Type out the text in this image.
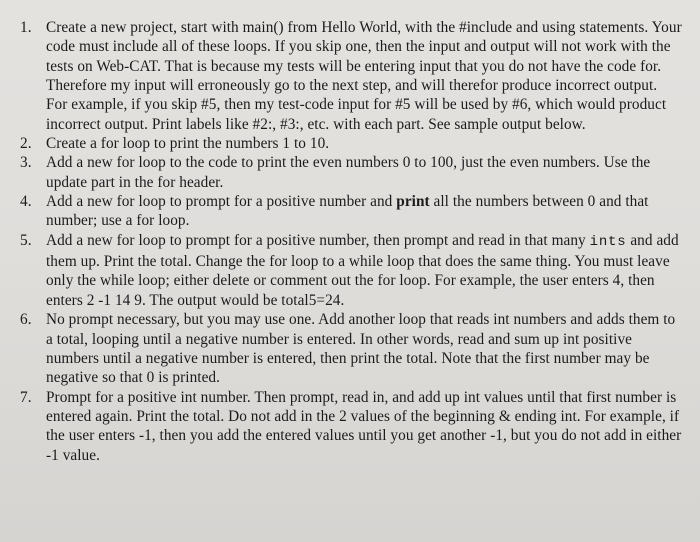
1. Create a new project, start with main() from Hello World, with the #include and using statements. Your code must include all of these loops. If you skip one, then the input and output will not work with the tests on Web-CAT. That is because my tests will be entering input that you do not have the code for. Therefore my input will erroneously go to the next step, and will therefor produce incorrect output. For example, if you skip #5, then my test-code input for #5 will be used by #6, which would product incorrect output. Print labels like #2:, #3:, etc. with each part. See sample output below.
2. Create a for loop to print the numbers 1 to 10.
3. Add a new for loop to the code to print the even numbers 0 to 100, just the even numbers. Use the update part in the for header.
4. Add a new for loop to prompt for a positive number and print all the numbers between 0 and that number; use a for loop.
5. Add a new for loop to prompt for a positive number, then prompt and read in that many ints and add them up. Print the total. Change the for loop to a while loop that does the same thing. You must leave only the while loop; either delete or comment out the for loop. For example, the user enters 4, then enters 2 -1 14 9. The output would be total5=24.
6. No prompt necessary, but you may use one. Add another loop that reads int numbers and adds them to a total, looping until a negative number is entered. In other words, read and sum up int positive numbers until a negative number is entered, then print the total. Note that the first number may be negative so that 0 is printed.
7. Prompt for a positive int number. Then prompt, read in, and add up int values until that first number is entered again. Print the total. Do not add in the 2 values of the beginning & ending int. For example, if the user enters -1, then you add the entered values until you get another -1, but you do not add in either -1 value.
